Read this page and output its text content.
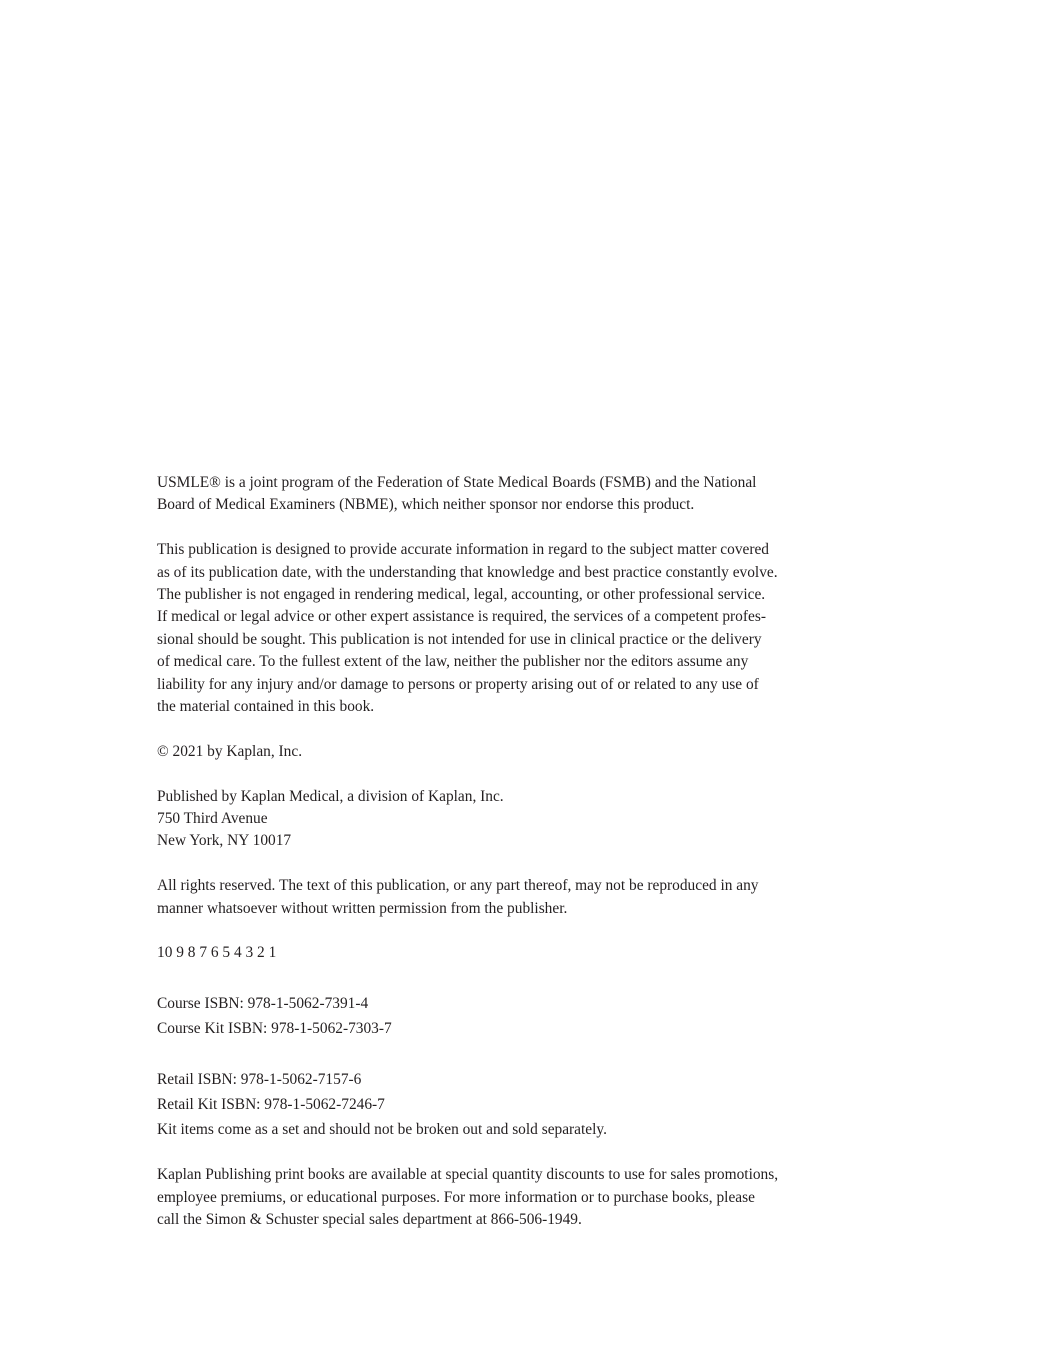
USMLE® is a joint program of the Federation of State Medical Boards (FSMB) and the National
Board of Medical Examiners (NBME), which neither sponsor nor endorse this product.

This publication is designed to provide accurate information in regard to the subject matter covered
as of its publication date, with the understanding that knowledge and best practice constantly evolve.
The publisher is not engaged in rendering medical, legal, accounting, or other professional service.
If medical or legal advice or other expert assistance is required, the services of a competent profes-
sional should be sought. This publication is not intended for use in clinical practice or the delivery
of medical care. To the fullest extent of the law, neither the publisher nor the editors assume any
liability for any injury and/or damage to persons or property arising out of or related to any use of
the material contained in this book.

© 2021 by Kaplan, Inc.

Published by Kaplan Medical, a division of Kaplan, Inc.
750 Third Avenue
New York, NY 10017

All rights reserved. The text of this publication, or any part thereof, may not be reproduced in any
manner whatsoever without written permission from the publisher.

10 9 8 7 6 5 4 3 2 1

Course ISBN: 978-1-5062-7391-4
Course Kit ISBN: 978-1-5062-7303-7

Retail ISBN: 978-1-5062-7157-6
Retail Kit ISBN: 978-1-5062-7246-7
Kit items come as a set and should not be broken out and sold separately.

Kaplan Publishing print books are available at special quantity discounts to use for sales promotions,
employee premiums, or educational purposes. For more information or to purchase books, please
call the Simon & Schuster special sales department at 866-506-1949.
